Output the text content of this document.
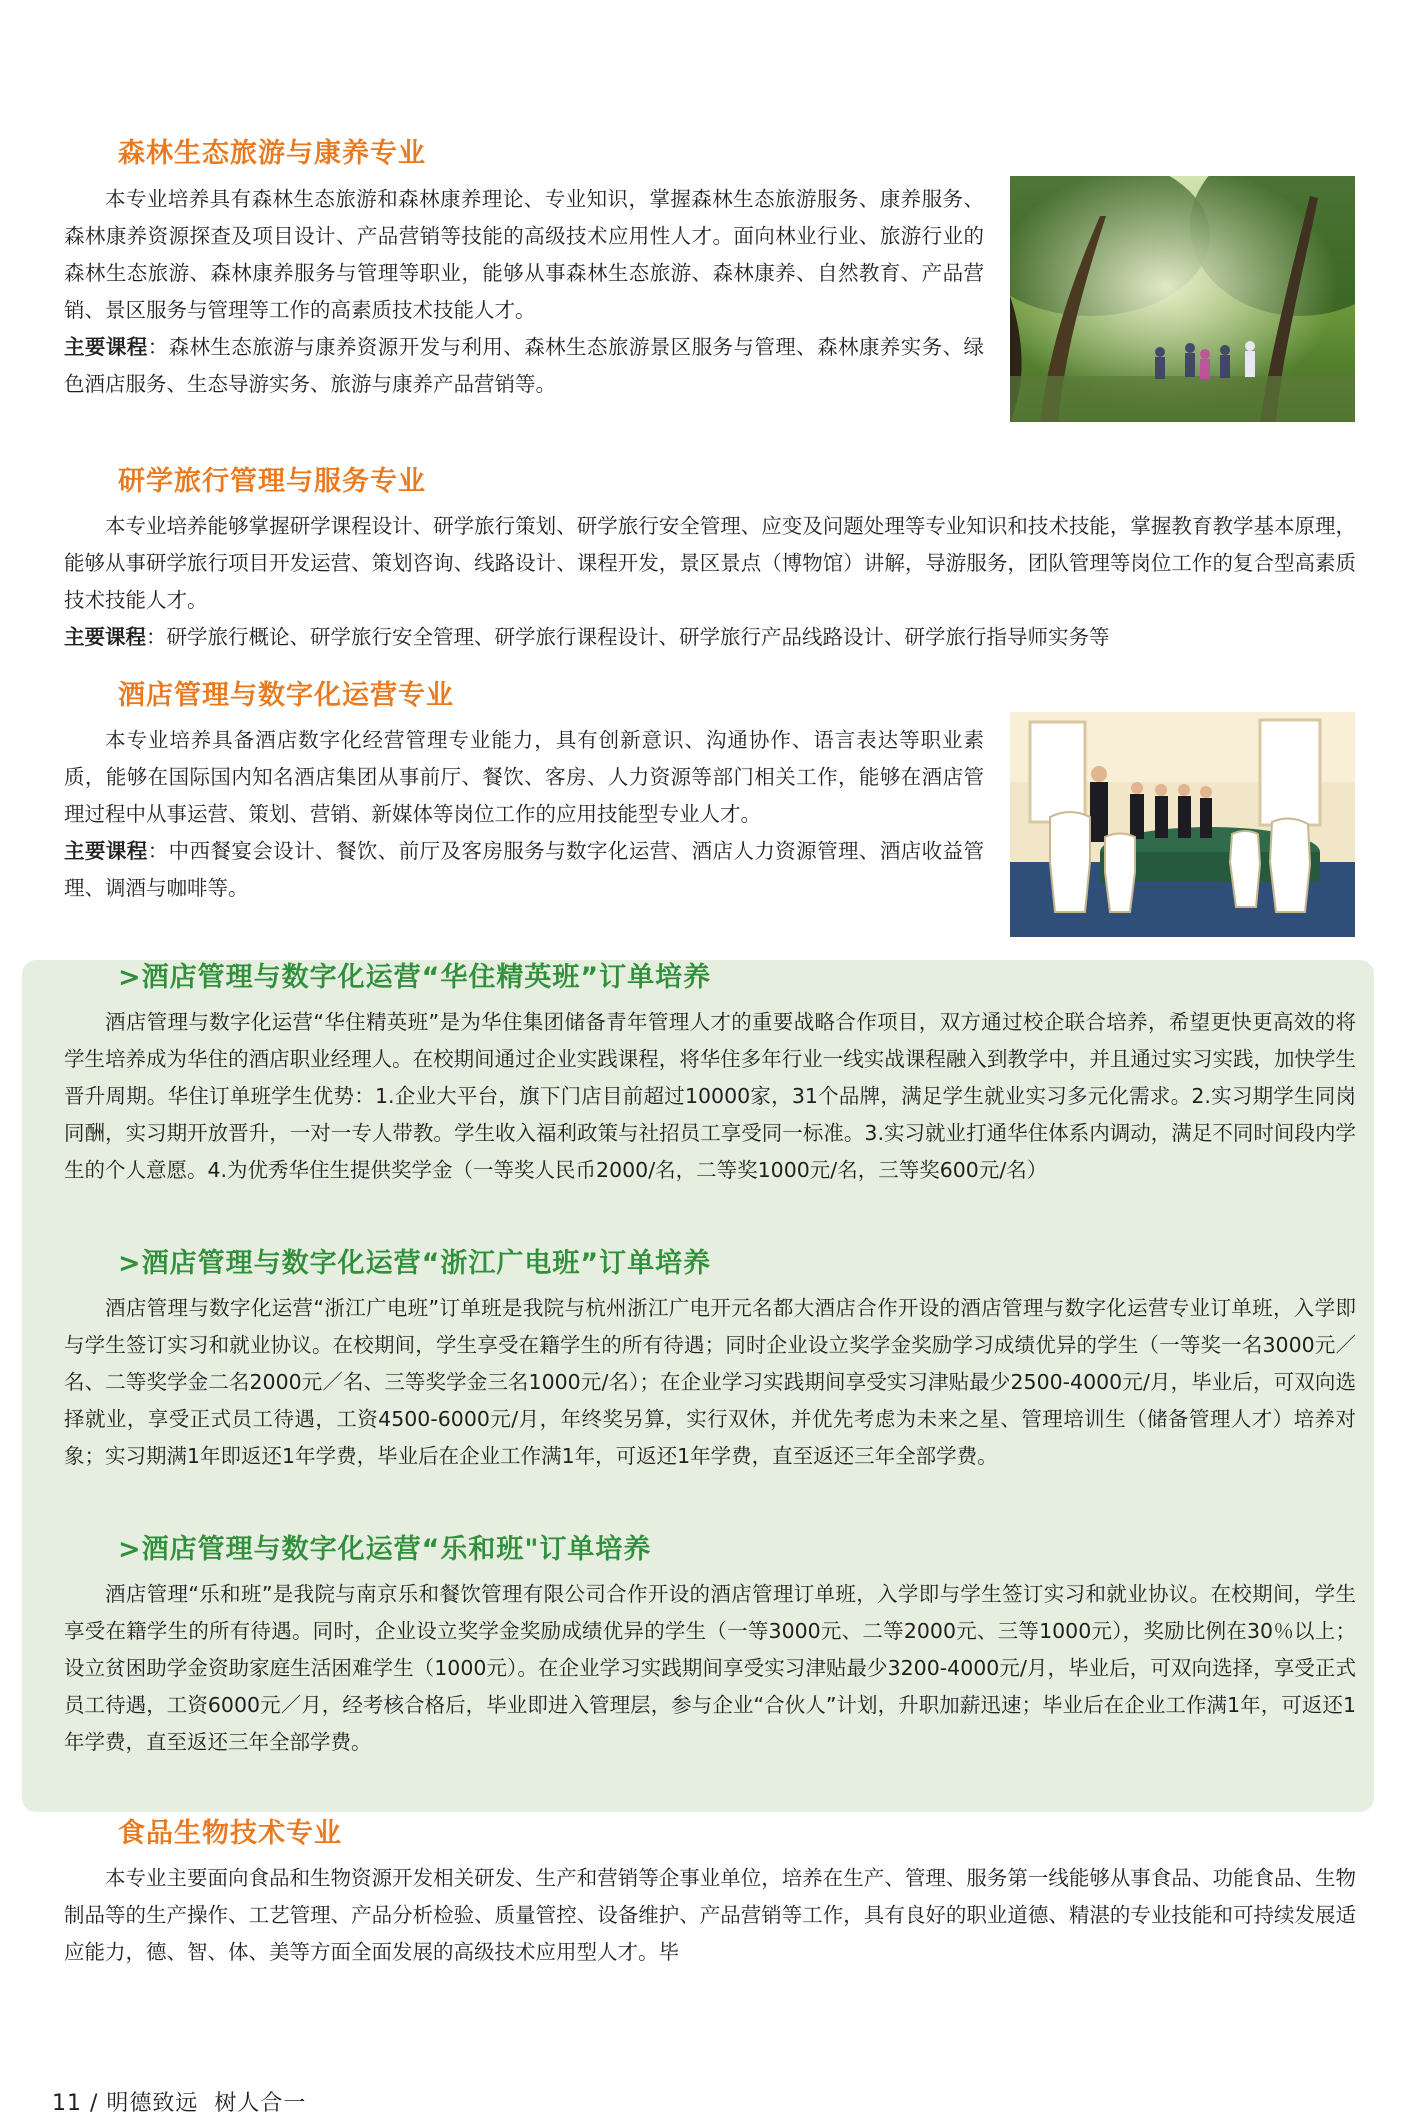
森林生态旅游与康养专业

本专业培养具有森林生态旅游和森林康养理论、专业知识，掌握森林生态旅游服务、康养服务、森林康养资源探查及项目设计、产品营销等技能的高级技术应用性人才。面向林业行业、旅游行业的森林生态旅游、森林康养服务与管理等职业，能够从事森林生态旅游、森林康养、自然教育、产品营销、景区服务与管理等工作的高素质技术技能人才。
主要课程：森林生态旅游与康养资源开发与利用、森林生态旅游景区服务与管理、森林康养实务、绿色酒店服务、生态导游实务、旅游与康养产品营销等。

研学旅行管理与服务专业

本专业培养能够掌握研学课程设计、研学旅行策划、研学旅行安全管理、应变及问题处理等专业知识和技术技能，掌握教育教学基本原理，能够从事研学旅行项目开发运营、策划咨询、线路设计、课程开发，景区景点（博物馆）讲解，导游服务，团队管理等岗位工作的复合型高素质技术技能人才。
主要课程：研学旅行概论、研学旅行安全管理、研学旅行课程设计、研学旅行产品线路设计、研学旅行指导师实务等

酒店管理与数字化运营专业

本专业培养具备酒店数字化经营管理专业能力，具有创新意识、沟通协作、语言表达等职业素质，能够在国际国内知名酒店集团从事前厅、餐饮、客房、人力资源等部门相关工作，能够在酒店管理过程中从事运营、策划、营销、新媒体等岗位工作的应用技能型专业人才。
主要课程：中西餐宴会设计、餐饮、前厅及客房服务与数字化运营、酒店人力资源管理、酒店收益管理、调酒与咖啡等。

>酒店管理与数字化运营“华住精英班”订单培养

酒店管理与数字化运营“华住精英班”是为华住集团储备青年管理人才的重要战略合作项目，双方通过校企联合培养，希望更快更高效的将学生培养成为华住的酒店职业经理人。在校期间通过企业实践课程，将华住多年行业一线实战课程融入到教学中，并且通过实习实践，加快学生晋升周期。华住订单班学生优势：1.企业大平台，旗下门店目前超过10000家，31个品牌，满足学生就业实习多元化需求。2.实习期学生同岗同酬，实习期开放晋升，一对一专人带教。学生收入福利政策与社招员工享受同一标准。3.实习就业打通华住体系内调动，满足不同时间段内学生的个人意愿。4.为优秀华住生提供奖学金（一等奖人民币2000/名，二等奖1000元/名，三等奖600元/名）

>酒店管理与数字化运营“浙江广电班”订单培养

酒店管理与数字化运营“浙江广电班”订单班是我院与杭州浙江广电开元名都大酒店合作开设的酒店管理与数字化运营专业订单班，入学即与学生签订实习和就业协议。在校期间，学生享受在籍学生的所有待遇；同时企业设立奖学金奖励学习成绩优异的学生（一等奖一名3000元／名、二等奖学金二名2000元／名、三等奖学金三名1000元/名）；在企业学习实践期间享受实习津贴最少2500-4000元/月，毕业后，可双向选择就业，享受正式员工待遇，工资4500-6000元/月，年终奖另算，实行双休，并优先考虑为未来之星、管理培训生（储备管理人才）培养对象；实习期满1年即返还1年学费，毕业后在企业工作满1年，可返还1年学费，直至返还三年全部学费。

>酒店管理与数字化运营“乐和班"订单培养

酒店管理“乐和班”是我院与南京乐和餐饮管理有限公司合作开设的酒店管理订单班，入学即与学生签订实习和就业协议。在校期间，学生享受在籍学生的所有待遇。同时，企业设立奖学金奖励成绩优异的学生（一等3000元、二等2000元、三等1000元），奖励比例在30％以上；设立贫困助学金资助家庭生活困难学生（1000元）。在企业学习实践期间享受实习津贴最少3200-4000元/月，毕业后，可双向选择，享受正式员工待遇，工资6000元／月，经考核合格后，毕业即进入管理层，参与企业“合伙人”计划，升职加薪迅速；毕业后在企业工作满1年，可返还1年学费，直至返还三年全部学费。

食品生物技术专业

本专业主要面向食品和生物资源开发相关研发、生产和营销等企事业单位，培养在生产、管理、服务第一线能够从事食品、功能食品、生物制品等的生产操作、工艺管理、产品分析检验、质量管控、设备维护、产品营销等工作，具有良好的职业道德、精湛的专业技能和可持续发展适应能力，德、智、体、美等方面全面发展的高级技术应用型人才。毕

11 / 明德致远  树人合一
